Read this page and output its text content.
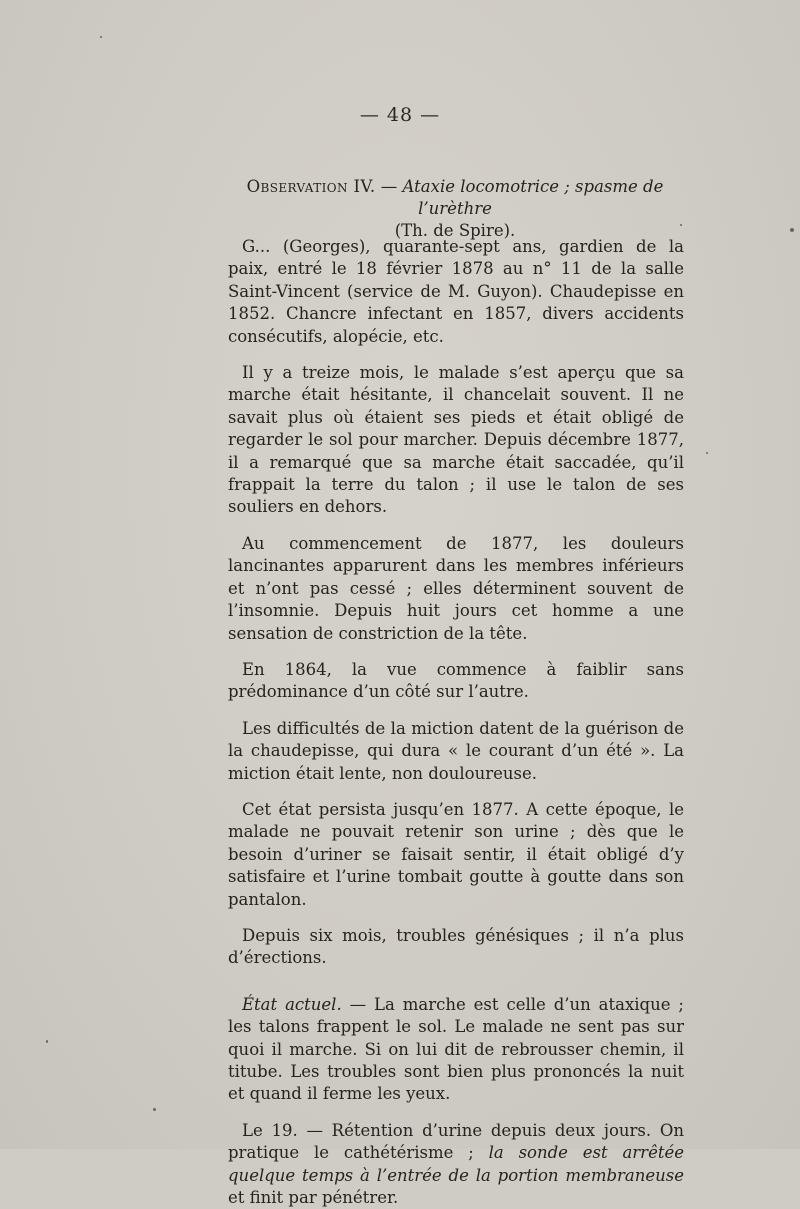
— 48 —
Observation IV. — Ataxie locomotrice ; spasme de l’urèthre
(Th. de Spire).

G... (Georges), quarante-sept ans, gardien de la paix, entré le 18 février 1878 au n° 11 de la salle Saint-Vincent (service de M. Guyon). Chaudepisse en 1852. Chancre infectant en 1857, divers accidents consécutifs, alopécie, etc.

Il y a treize mois, le malade s’est aperçu que sa marche était hésitante, il chancelait souvent. Il ne savait plus où étaient ses pieds et était obligé de regarder le sol pour marcher. Depuis décembre 1877, il a remarqué que sa marche était saccadée, qu’il frappait la terre du talon ; il use le talon de ses souliers en dehors.

Au commencement de 1877, les douleurs lancinantes apparurent dans les membres inférieurs et n’ont pas cessé ; elles déterminent souvent de l’insomnie. Depuis huit jours cet homme a une sensation de constriction de la tête.

En 1864, la vue commence à faiblir sans prédominance d’un côté sur l’autre.

Les difficultés de la miction datent de la guérison de la chaudepisse, qui dura « le courant d’un été ». La miction était lente, non douloureuse.

Cet état persista jusqu’en 1877. A cette époque, le malade ne pouvait retenir son urine ; dès que le besoin d’uriner se faisait sentir, il était obligé d’y satisfaire et l’urine tombait goutte à goutte dans son pantalon.

Depuis six mois, troubles génésiques ; il n’a plus d’érections.

État actuel. — La marche est celle d’un ataxique ; les talons frappent le sol. Le malade ne sent pas sur quoi il marche. Si on lui dit de rebrousser chemin, il titube. Les troubles sont bien plus prononcés la nuit et quand il ferme les yeux.

Le 19. — Rétention d’urine depuis deux jours. On pratique le cathétérisme ; la sonde est arrêtée quelque temps à l’entrée de la portion membraneuse et finit par pénétrer.
